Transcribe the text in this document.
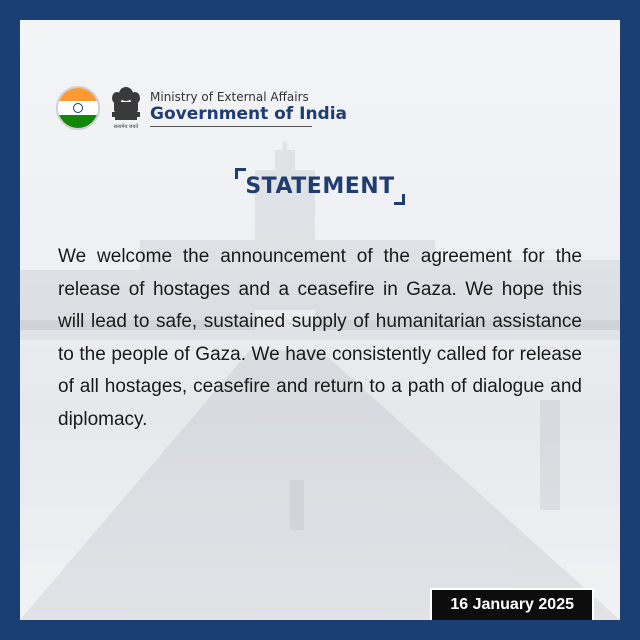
सत्यमेव जयते
Ministry of External Affairs
Government of India
STATEMENT
We welcome the announcement of the agreement for the release of hostages and a ceasefire in Gaza. We hope this will lead to safe, sustained supply of humanitarian assistance to the people of Gaza. We have consistently called for release of all hostages, ceasefire and return to a path of dialogue and diplomacy.
16 January 2025
